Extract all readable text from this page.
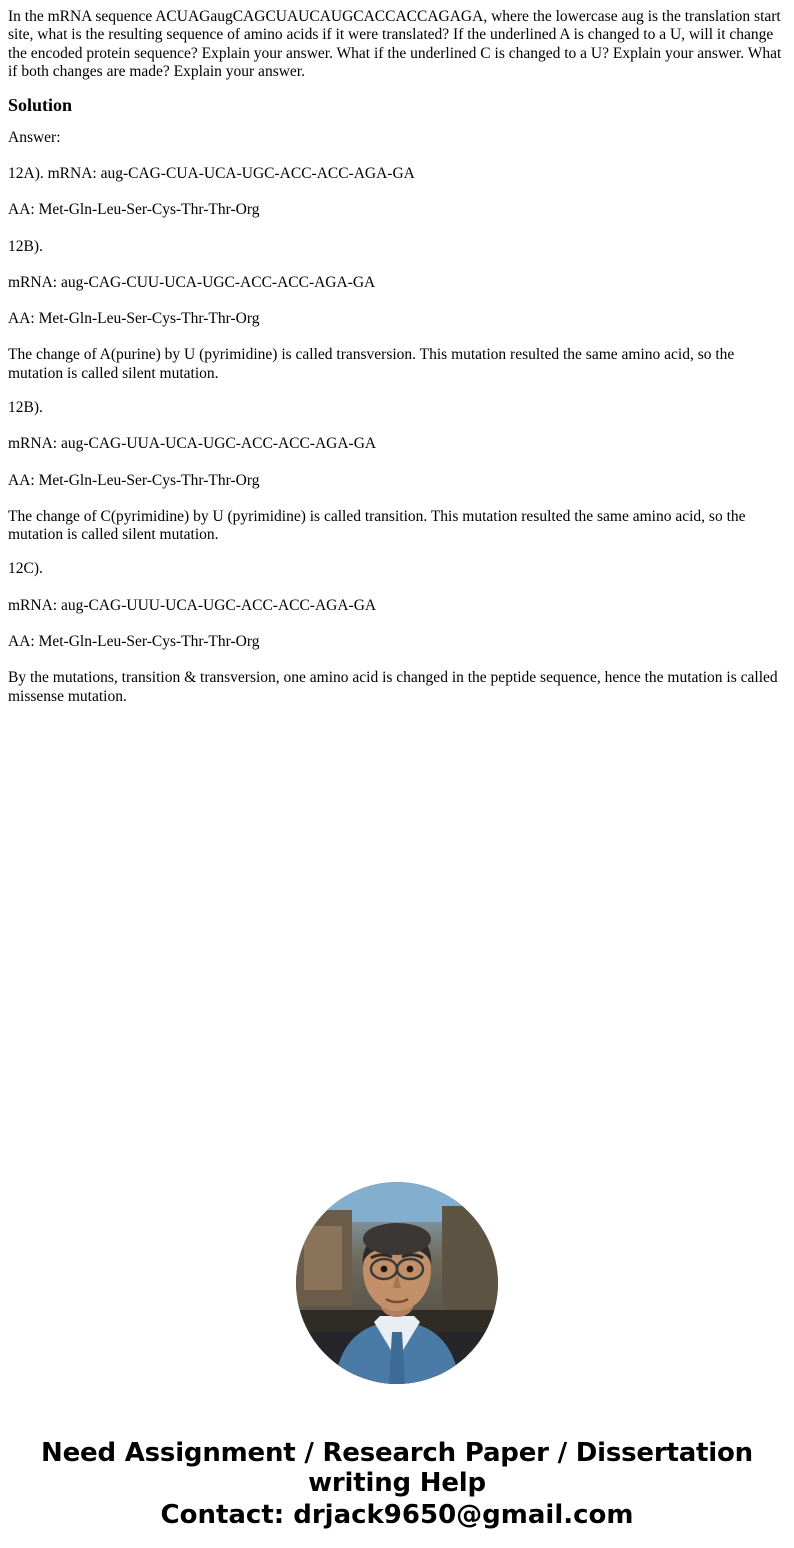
In the mRNA sequence ACUAGaugCAGCUAUCAUGCACCACCAGAGA, where the lowercase aug is the translation start site, what is the resulting sequence of amino acids if it were translated? If the underlined A is changed to a U, will it change the encoded protein sequence? Explain your answer. What if the underlined C is changed to a U? Explain your answer. What if both changes are made? Explain your answer.

Solution

Answer:

12A). mRNA: aug-CAG-CUA-UCA-UGC-ACC-ACC-AGA-GA

AA: Met-Gln-Leu-Ser-Cys-Thr-Thr-Org

12B).

mRNA: aug-CAG-CUU-UCA-UGC-ACC-ACC-AGA-GA

AA: Met-Gln-Leu-Ser-Cys-Thr-Thr-Org

The change of A(purine) by U (pyrimidine) is called transversion. This mutation resulted the same amino acid, so the mutation is called silent mutation.

12B).

mRNA: aug-CAG-UUA-UCA-UGC-ACC-ACC-AGA-GA

AA: Met-Gln-Leu-Ser-Cys-Thr-Thr-Org

The change of C(pyrimidine) by U (pyrimidine) is called transition. This mutation resulted the same amino acid, so the mutation is called silent mutation.

12C).

mRNA: aug-CAG-UUU-UCA-UGC-ACC-ACC-AGA-GA

AA: Met-Gln-Leu-Ser-Cys-Thr-Thr-Org

By the mutations, transition & transversion, one amino acid is changed in the peptide sequence, hence the mutation is called missense mutation.

Need Assignment / Research Paper / Dissertation writing Help
Contact: drjack9650@gmail.com
